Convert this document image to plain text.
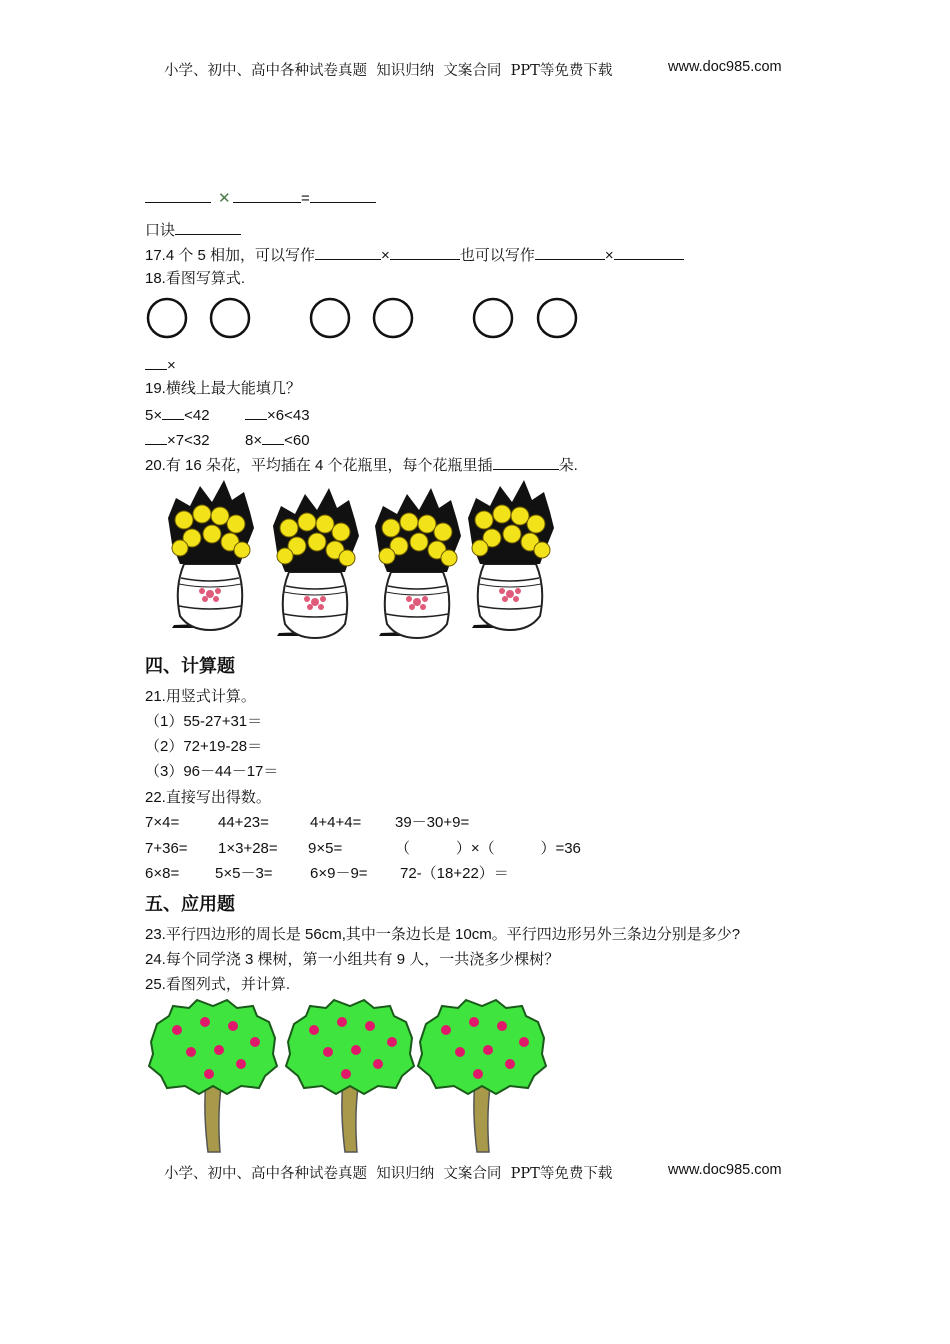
小学、初中、高中各种试卷真题  知识归纳  文案合同  PPT等免费下载	www.doc985.com
=
✕
口诀
17.4 个 5 相加，可以写作	×	也可以写作	×
18.看图写算式.
×
19.横线上最大能填几？
5× <42	×6<43
×7<32 8× <60
20.有 16 朵花，平均插在 4 个花瓶里，每个花瓶里插	朵.
四、计算题
21.用竖式计算。
（1）55-27+31＝
（2）72+19-28＝
（3）96－44－17＝
22.直接写出得数。
7×4=	44+23=	4+4+4= 39－30+9=
7+36= 1×3+28= 9×5=	（           ）×（           ）=36
6×8= 5×5－3= 6×9－9= 72-（18+22）＝
五、应用题
23.平行四边形的周长是 56cm,其中一条边长是 10cm。平行四边形另外三条边分别是多少?
24.每个同学浇 3 棵树，第一小组共有 9 人，一共浇多少棵树？
25.看图列式，并计算.
小学、初中、高中各种试卷真题  知识归纳  文案合同  PPT等免费下载	www.doc985.com
